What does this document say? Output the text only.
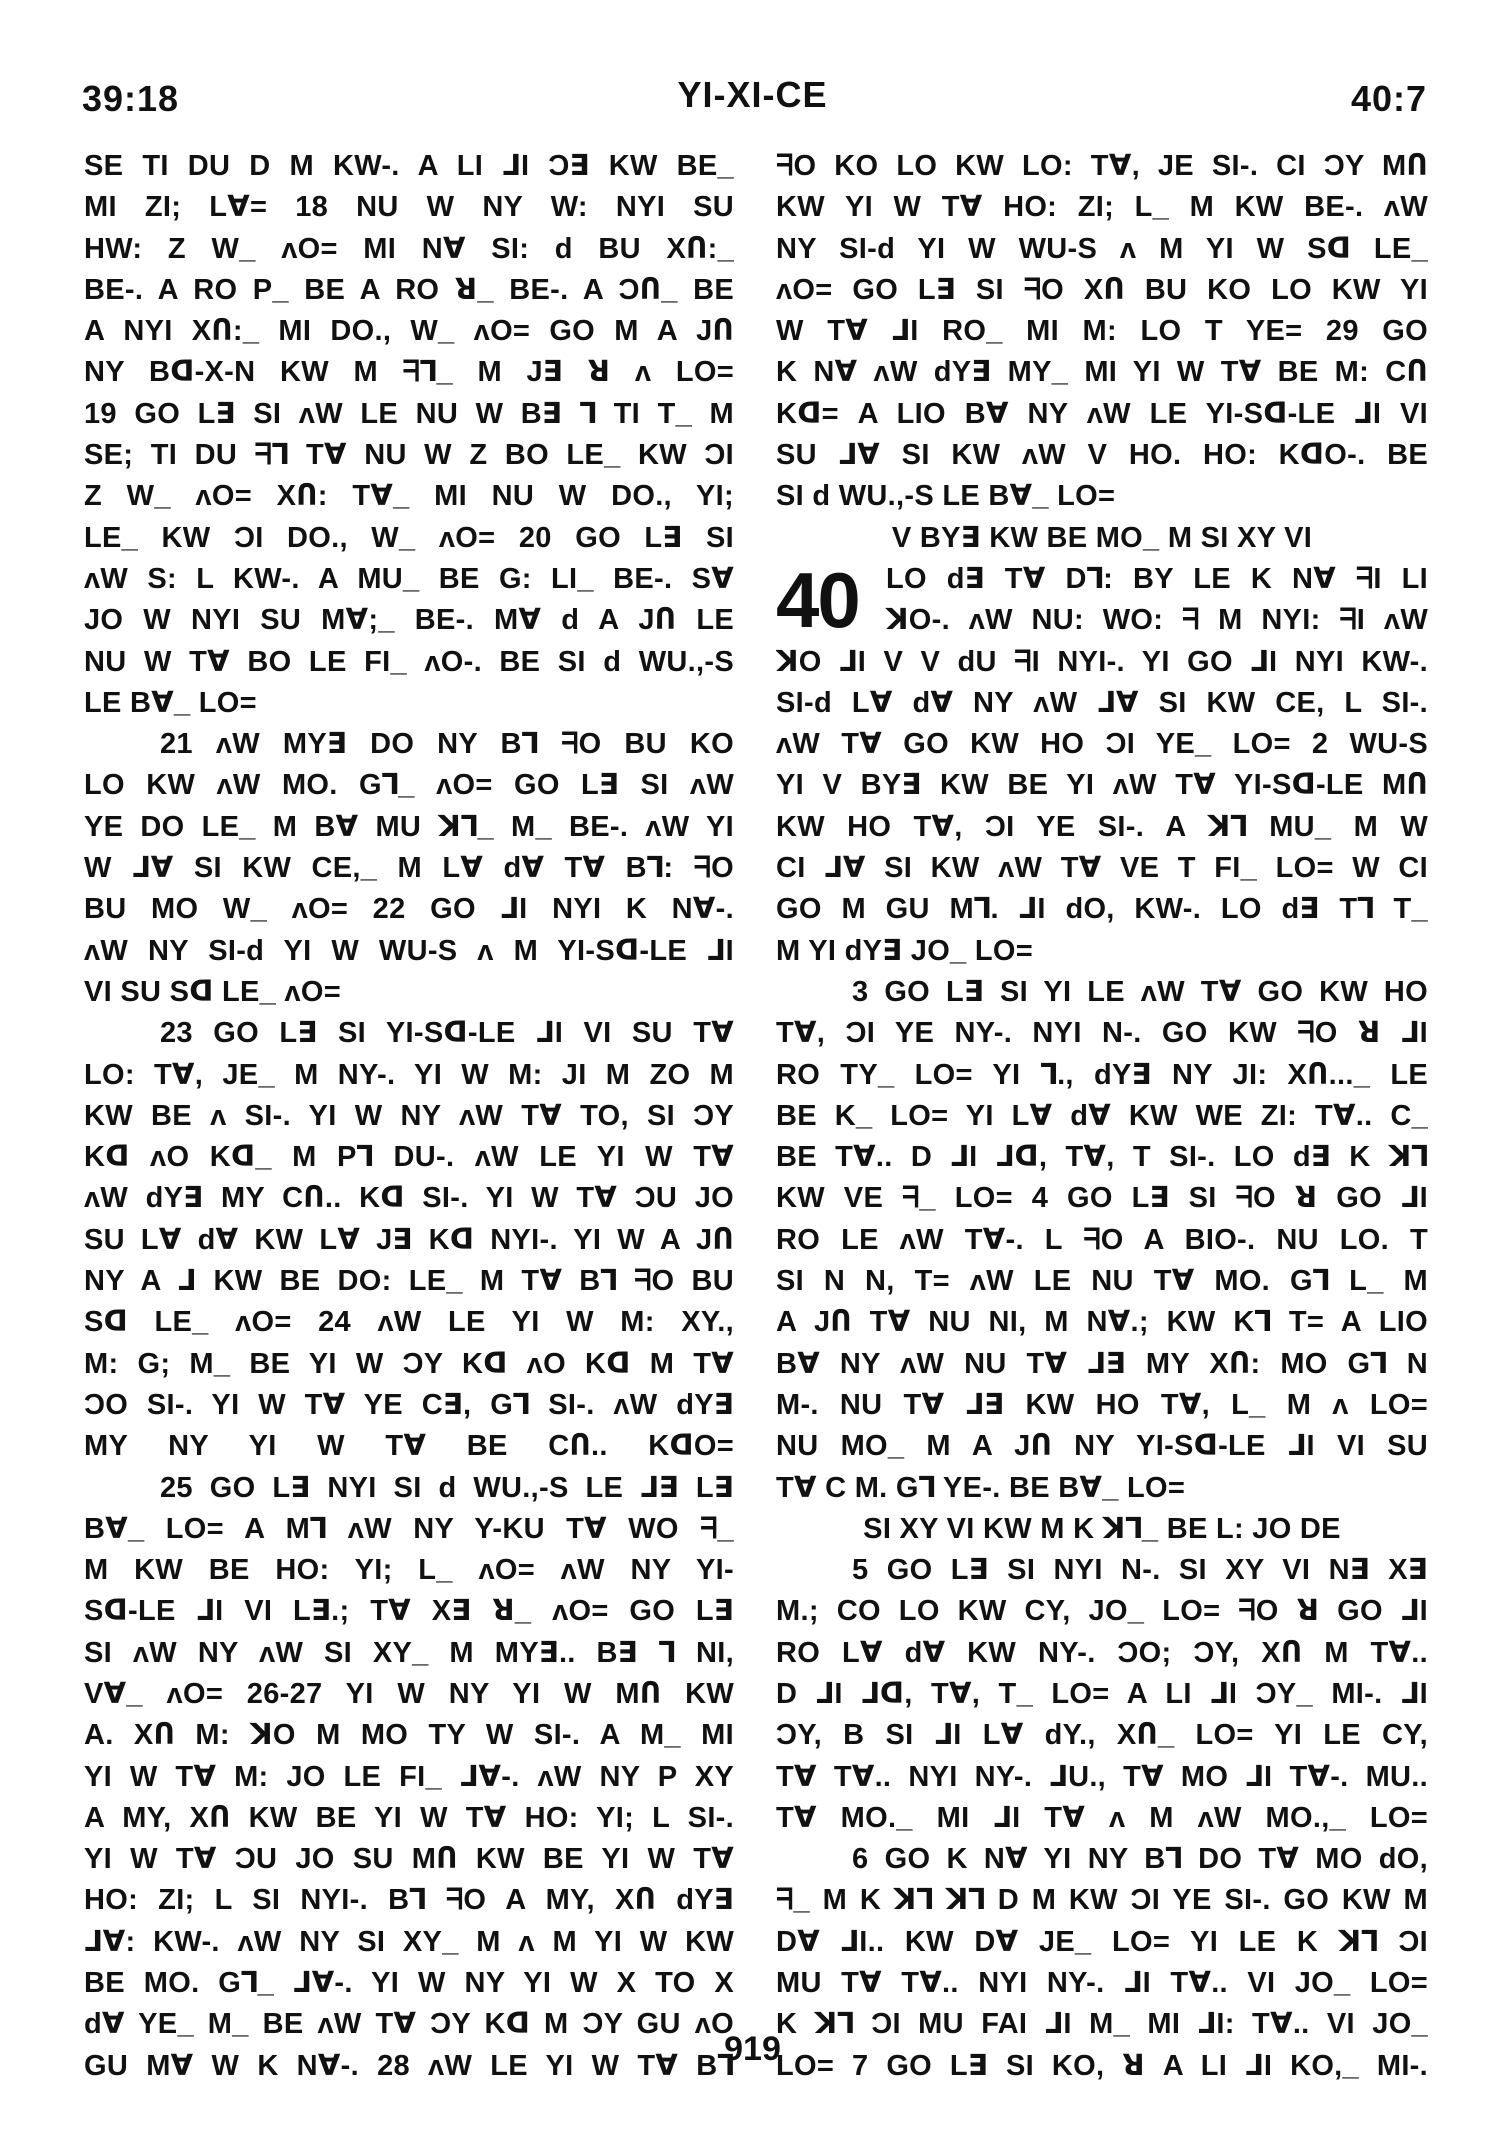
39:18	YI-XI-CE	40:7
SE TI DU D M KW-. A LI ⅃I Ɔ∃ KW BE_
MI ZI; L∀= 18 NU W NY W: NYI SU
HW: Z W_ ʌO= MI N∀ SI: d BU XՈ:_
BE-. A RO P_ BE A RO ꓤ_ BE-. A ϽՈ_ BE
A NYI XՈ:_ MI DO., W_ ʌO= GO M A JՈ
NY Bᗡ-X-N KW M ᖷ⅂_ M J∃ ꓤ ʌ LO=
19 GO L∃ SI ʌW LE NU W B∃ ⅂ TI T_ M
SE; TI DU ᖷ⅂ T∀ NU W Z BO LE_ KW ƆI
Z W_ ʌO= XՈ: T∀_ MI NU W DO., YI;
LE_ KW ƆI DO., W_ ʌO= 20 GO L∃ SI
ʌW S: L KW-. A MU_ BE G: LI_ BE-. S∀
JO W NYI SU M∀;_ BE-. M∀ d A JՈ LE
NU W T∀ BO LE FI_ ʌO-. BE SI d WU.,-S
LE B∀_ LO=
21 ʌW MY∃ DO NY B⅂ ᖷO BU KO
LO KW ʌW MO. G⅂_ ʌO= GO L∃ SI ʌW
YE DO LE_ M B∀ MU ꓘ⅂_ M_ BE-. ʌW YI
W ⅃∀ SI KW CE,_ M L∀ d∀ T∀ B⅂: ᖷO
BU MO W_ ʌO= 22 GO ⅃I NYI K N∀-.
ʌW NY SI-d YI W WU-S ʌ M YI-Sᗡ-LE ⅃I
VI SU Sᗡ LE_ ʌO=
23 GO L∃ SI YI-Sᗡ-LE ⅃I VI SU T∀
LO: T∀, JE_ M NY-. YI W M: JI M ZO M
KW BE ʌ SI-. YI W NY ʌW T∀ TO, SI ƆY
Kᗡ ʌO Kᗡ_ M P⅂ DU-. ʌW LE YI W T∀
ʌW dY∃ MY CՈ.. Kᗡ SI-. YI W T∀ ƆU JO
SU L∀ d∀ KW L∀ J∃ Kᗡ NYI-. YI W A JՈ
NY A ⅃ KW BE DO: LE_ M T∀ B⅂ ᖷO BU
Sᗡ LE_ ʌO= 24 ʌW LE YI W M: XY.,
M: G; M_ BE YI W ƆY Kᗡ ʌO Kᗡ M T∀
ƆO SI-. YI W T∀ YE C∃, G⅂ SI-. ʌW dY∃
MY NY YI W T∀ BE CՈ.. KᗡO=
25 GO L∃ NYI SI d WU.,-S LE ⅃∃ L∃
B∀_ LO= A M⅂ ʌW NY Y-KU T∀ WO ᖷ_
M KW BE HO: YI; L_ ʌO= ʌW NY YI-
Sᗡ-LE ⅃I VI L∃.; T∀ X∃ ꓤ_ ʌO= GO L∃
SI ʌW NY ʌW SI XY_ M MY∃.. B∃ ⅂ NI,
V∀_ ʌO= 26-27 YI W NY YI W MՈ KW
A. XՈ M: ꓘO M MO TY W SI-. A M_ MI
YI W T∀ M: JO LE FI_ ⅃∀-. ʌW NY P XY
A MY, XՈ KW BE YI W T∀ HO: YI; L SI-.
YI W T∀ ƆU JO SU MՈ KW BE YI W T∀
HO: ZI; L SI NYI-. B⅂ ᖷO A MY, XՈ dY∃
⅃∀: KW-. ʌW NY SI XY_ M ʌ M YI W KW
BE MO. G⅂_ ⅃∀-. YI W NY YI W X TO X
d∀ YE_ M_ BE ʌW T∀ ƆY Kᗡ M ƆY GU ʌO
GU M∀ W K N∀-. 28 ʌW LE YI W T∀ B⅂
ᖷO KO LO KW LO: T∀, JE SI-. CI ƆY MՈ
KW YI W T∀ HO: ZI; L_ M KW BE-. ʌW
NY SI-d YI W WU-S ʌ M YI W Sᗡ LE_
ʌO= GO L∃ SI ᖷO XՈ BU KO LO KW YI
W T∀ ⅃I RO_ MI M: LO T YE= 29 GO
K N∀ ʌW dY∃ MY_ MI YI W T∀ BE M: CՈ
Kᗡ= A LIO B∀ NY ʌW LE YI-Sᗡ-LE ⅃I VI
SU ⅃∀ SI KW ʌW V HO. HO: KᗡO-. BE
SI d WU.,-S LE B∀_ LO=
V BY∃ KW BE MO_ M SI XY VI
40 LO d∃ T∀ D⅂: BY LE K N∀ ᖷI LI
ꓘO-. ʌW NU: WO: ᖷ M NYI: ᖷI ʌW
ꓘO ⅃I V V dU ᖷI NYI-. YI GO ⅃I NYI KW-.
SI-d L∀ d∀ NY ʌW ⅃∀ SI KW CE, L SI-.
ʌW T∀ GO KW HO ƆI YE_ LO= 2 WU-S
YI V BY∃ KW BE YI ʌW T∀ YI-Sᗡ-LE MՈ
KW HO T∀, ƆI YE SI-. A ꓘ⅂ MU_ M W
CI ⅃∀ SI KW ʌW T∀ VE T FI_ LO= W CI
GO M GU M⅂. ⅃I dO, KW-. LO d∃ T⅂ T_
M YI dY∃ JO_ LO=
3 GO L∃ SI YI LE ʌW T∀ GO KW HO
T∀, ƆI YE NY-. NYI N-. GO KW ᖷO ꓤ ⅃I
RO TY_ LO= YI ⅂., dY∃ NY JI: XՈ..._ LE
BE K_ LO= YI L∀ d∀ KW WE ZI: T∀.. C_
BE T∀.. D ⅃I ⅃ᗡ, T∀, T SI-. LO d∃ K ꓘ⅂
KW VE ᖷ_ LO= 4 GO L∃ SI ᖷO ꓤ GO ⅃I
RO LE ʌW T∀-. L ᖷO A BIO-. NU LO. T
SI N N, T= ʌW LE NU T∀ MO. G⅂ L_ M
A JՈ T∀ NU NI, M N∀.; KW K⅂ T= A LIO
B∀ NY ʌW NU T∀ ⅃∃ MY XՈ: MO G⅂ N
M-. NU T∀ ⅃∃ KW HO T∀, L_ M ʌ LO=
NU MO_ M A JՈ NY YI-Sᗡ-LE ⅃I VI SU
T∀ C M. G⅂ YE-. BE B∀_ LO=
SI XY VI KW M K ꓘ⅂_ BE L: JO DE
5 GO L∃ SI NYI N-. SI XY VI N∃ X∃
M.; CO LO KW CY, JO_ LO= ᖷO ꓤ GO ⅃I
RO L∀ d∀ KW NY-. ƆO; ƆY, XՈ M T∀..
D ⅃I ⅃ᗡ, T∀, T_ LO= A LI ⅃I ƆY_ MI-. ⅃I
ƆY, B SI ⅃I L∀ dY., XՈ_ LO= YI LE CY,
T∀ T∀.. NYI NY-. ⅃U., T∀ MO ⅃I T∀-. MU..
T∀ MO._ MI ⅃I T∀ ʌ M ʌW MO.,_ LO=
6 GO K N∀ YI NY B⅂ DO T∀ MO dO,
ᖷ_ M K ꓘ⅂ ꓘ⅂ D M KW ƆI YE SI-. GO KW M
D∀ ⅃I.. KW D∀ JE_ LO= YI LE K ꓘ⅂ ƆI
MU T∀ T∀.. NYI NY-. ⅃I T∀.. VI JO_ LO=
K ꓘ⅂ ƆI MU FAI ⅃I M_ MI ⅃I: T∀.. VI JO_
LO= 7 GO L∃ SI KO, ꓤ A LI ⅃I KO,_ MI-.
919
